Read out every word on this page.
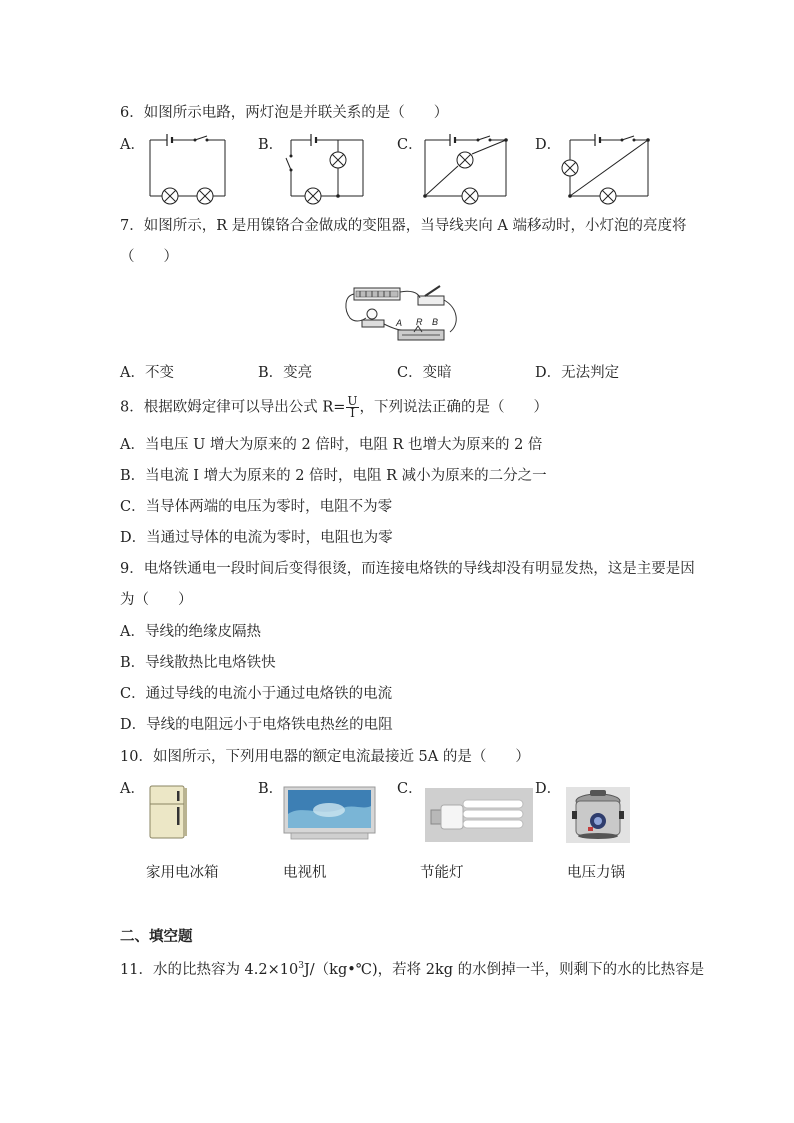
6．如图所示电路，两灯泡是并联关系的是（　　）
A．	B．	C．	D．
7．如图所示，R 是用镍铬合金做成的变阻器，当导线夹向 A 端移动时，小灯泡的亮度将
（　　）
A R B
A．不变	B．变亮	C．变暗	D．无法判定
8．根据欧姆定律可以导出公式 $R= \frac{U}{I}$ ，下列说法正确的是（　　）
A．当电压 U 增大为原来的 2 倍时，电阻 R 也增大为原来的 2 倍
B．当电流 I 增大为原来的 2 倍时，电阻 R 减小为原来的二分之一
C．当导体两端的电压为零时，电阻不为零
D．当通过导体的电流为零时，电阻也为零
9．电烙铁通电一段时间后变得很烫，而连接电烙铁的导线却没有明显发热，这是主要是因
为（　　）
A．导线的绝缘皮隔热
B．导线散热比电烙铁快
C．通过导线的电流小于通过电烙铁的电流
D．导线的电阻远小于电烙铁电热丝的电阻
10．如图所示，下列用电器的额定电流最接近 5A 的是（　　）
A．	B．	C．	D．
家用电冰箱	电视机	节能灯	电压力锅
二、填空题
11．水的比热容为 $4.2\times 10^3J/(kg•℃)$，若将 2kg 的水倒掉一半，则剩下的水的比热容是
